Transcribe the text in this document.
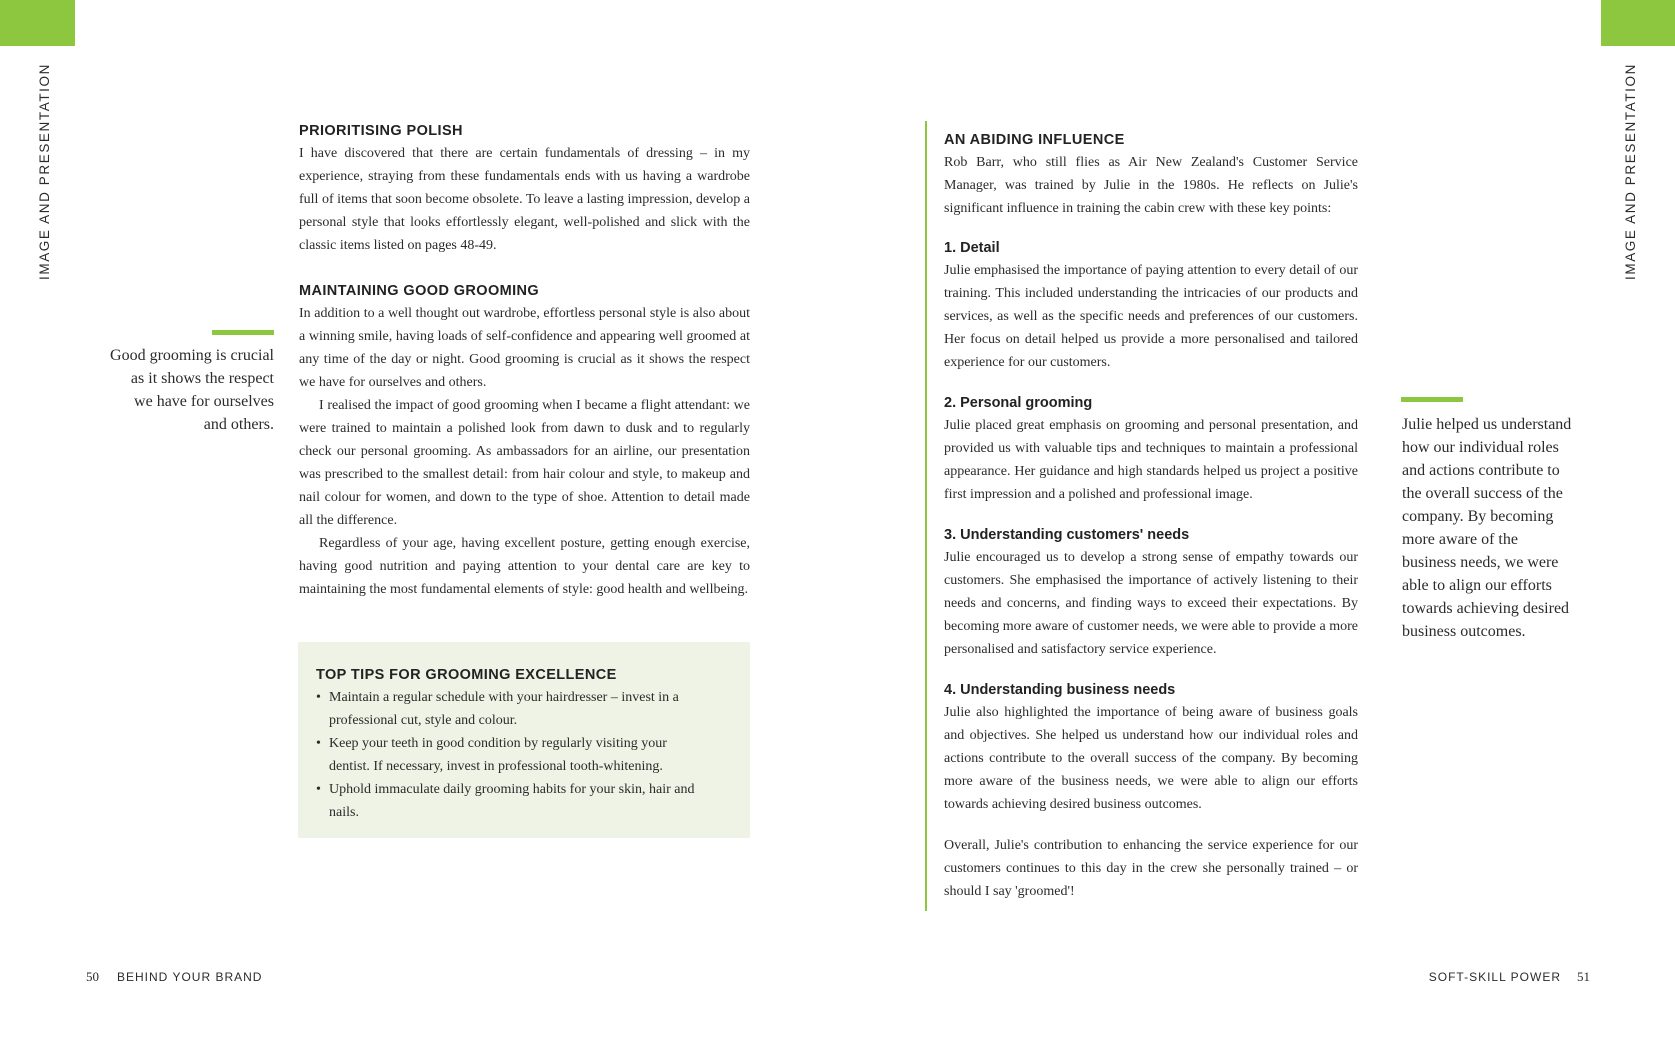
IMAGE AND PRESENTATION	IMAGE AND PRESENTATION

Good grooming is crucial as it shows the respect we have for ourselves and others.

PRIORITISING POLISH

I have discovered that there are certain fundamentals of dressing – in my experience, straying from these fundamentals ends with us having a wardrobe full of items that soon become obsolete. To leave a lasting impression, develop a personal style that looks effortlessly elegant, well-polished and slick with the classic items listed on pages 48-49.

MAINTAINING GOOD GROOMING

In addition to a well thought out wardrobe, effortless personal style is also about a winning smile, having loads of self-confidence and appearing well groomed at any time of the day or night. Good grooming is crucial as it shows the respect we have for ourselves and others.

I realised the impact of good grooming when I became a flight attendant: we were trained to maintain a polished look from dawn to dusk and to regularly check our personal grooming. As ambassadors for an airline, our presentation was prescribed to the smallest detail: from hair colour and style, to makeup and nail colour for women, and down to the type of shoe. Attention to detail made all the difference.

Regardless of your age, having excellent posture, getting enough exercise, having good nutrition and paying attention to your dental care are key to maintaining the most fundamental elements of style: good health and wellbeing.

TOP TIPS FOR GROOMING EXCELLENCE
• Maintain a regular schedule with your hairdresser – invest in a professional cut, style and colour.
• Keep your teeth in good condition by regularly visiting your dentist. If necessary, invest in professional tooth-whitening.
• Uphold immaculate daily grooming habits for your skin, hair and nails.
50 BEHIND YOUR BRAND
AN ABIDING INFLUENCE

Rob Barr, who still flies as Air New Zealand's Customer Service Manager, was trained by Julie in the 1980s. He reflects on Julie's significant influence in training the cabin crew with these key points:

1. Detail

Julie emphasised the importance of paying attention to every detail of our training. This included understanding the intricacies of our products and services, as well as the specific needs and preferences of our customers. Her focus on detail helped us provide a more personalised and tailored experience for our customers.

2. Personal grooming

Julie placed great emphasis on grooming and personal presentation, and provided us with valuable tips and techniques to maintain a professional appearance. Her guidance and high standards helped us project a positive first impression and a polished and professional image.

3. Understanding customers' needs

Julie encouraged us to develop a strong sense of empathy towards our customers. She emphasised the importance of actively listening to their needs and concerns, and finding ways to exceed their expectations. By becoming more aware of customer needs, we were able to provide a more personalised and satisfactory service experience.

4. Understanding business needs

Julie also highlighted the importance of being aware of business goals and objectives. She helped us understand how our individual roles and actions contribute to the overall success of the company. By becoming more aware of the business needs, we were able to align our efforts towards achieving desired business outcomes.

Overall, Julie's contribution to enhancing the service experience for our customers continues to this day in the crew she personally trained – or should I say 'groomed'!

Julie helped us understand how our individual roles and actions contribute to the overall success of the company. By becoming more aware of the business needs, we were able to align our efforts towards achieving desired business outcomes.

SOFT-SKILL POWER 51
